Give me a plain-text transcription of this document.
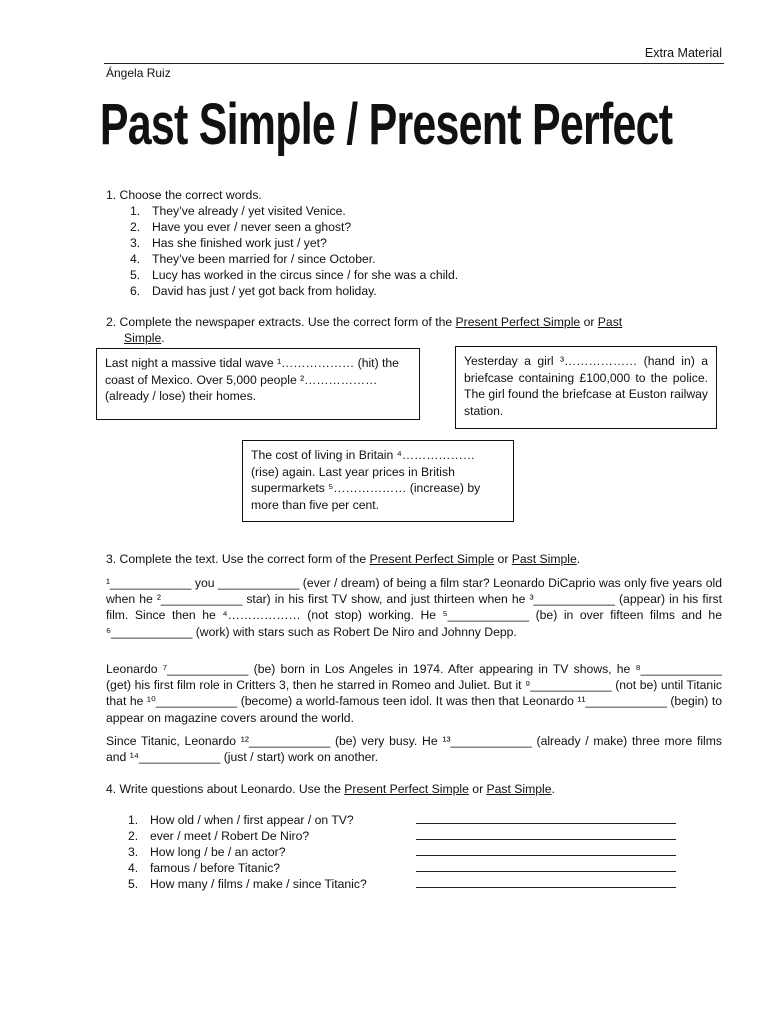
Extra Material
Ángela Ruiz
Past Simple / Present Perfect
1. Choose the correct words.
1. They’ve already / yet visited Venice.
2. Have you ever / never seen a ghost?
3. Has she finished work just / yet?
4. They’ve been married for / since October.
5. Lucy has worked in the circus since / for she was a child.
6. David has just / yet got back from holiday.
2. Complete the newspaper extracts. Use the correct form of the Present Perfect Simple or Past
Simple.
Last night a massive tidal wave ¹……………… (hit) the coast of Mexico. Over 5,000 people ²……………… (already / lose) their homes.
Yesterday a girl ³……………… (hand in) a briefcase containing £100,000 to the police. The girl found the briefcase at Euston railway station.
The cost of living in Britain ⁴……………… (rise) again. Last year prices in British supermarkets ⁵……………… (increase) by more than five per cent.
3. Complete the text. Use the correct form of the Present Perfect Simple or Past Simple.
¹____________ you ____________ (ever / dream) of being a film star? Leonardo DiCaprio was only five years old when he ²____________ star) in his first TV show, and just thirteen when he ³____________ (appear) in his first film. Since then he ⁴……………… (not stop) working. He ⁵____________ (be) in over fifteen films and he ⁶____________ (work) with stars such as Robert De Niro and Johnny Depp.
Leonardo ⁷____________ (be) born in Los Angeles in 1974. After appearing in TV shows, he ⁸____________ (get) his first film role in Critters 3, then he starred in Romeo and Juliet. But it ⁹____________ (not be) until Titanic that he ¹⁰____________ (become) a world-famous teen idol. It was then that Leonardo ¹¹____________ (begin) to appear on magazine covers around the world.
Since Titanic, Leonardo ¹²____________ (be) very busy. He ¹³____________ (already / make) three more films and ¹⁴____________ (just / start) work on another.
4. Write questions about Leonardo. Use the Present Perfect Simple or Past Simple.
1. How old / when / first appear / on TV?
2. ever / meet / Robert De Niro?
3. How long / be / an actor?
4. famous / before Titanic?
5. How many / films / make / since Titanic?
